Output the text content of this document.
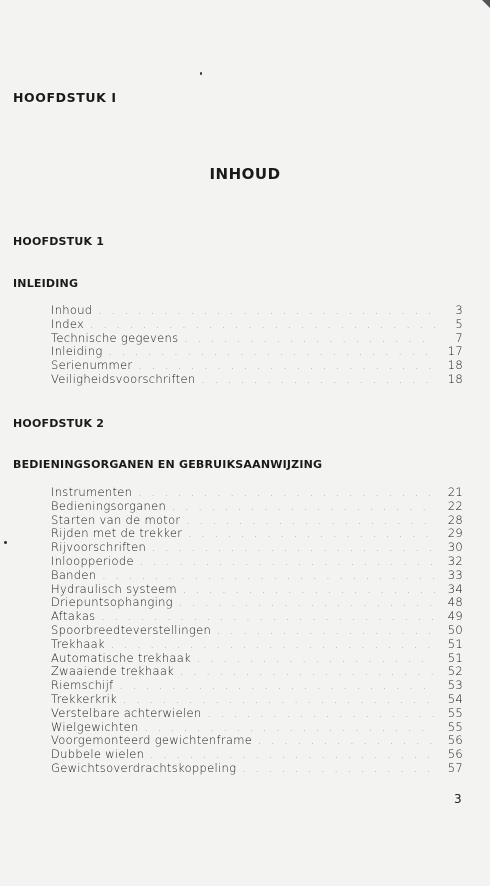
HOOFDSTUK I
INHOUD
HOOFDSTUK 1
INLEIDING
Inhoud .....	3
Index .....	5
Technische gegevens .....	7
Inleiding .....	17
Serienummer .....	18
Veiligheidsvoorschriften .....	18
HOOFDSTUK 2
BEDIENINGSORGANEN EN GEBRUIKSAANWIJZING
Instrumenten .....	21
Bedieningsorganen .....	22
Starten van de motor .....	28
Rijden met de trekker .....	29
Rijvoorschriften .....	30
Inloopperiode .....	32
Banden .....	33
Hydraulisch systeem .....	34
Driepuntsophanging .....	48
Aftakas .....	49
Spoorbreedteverstellingen .....	50
Trekhaak .....	51
Automatische trekhaak .....	51
Zwaaiende trekhaak .....	52
Riemschijf .....	53
Trekkerkrik .....	54
Verstelbare achterwielen .....	55
Wielgewichten .....	55
Voorgemonteerd gewichtenframe .....	56
Dubbele wielen .....	56
Gewichtsoverdrachtskoppeling .....	57
3
